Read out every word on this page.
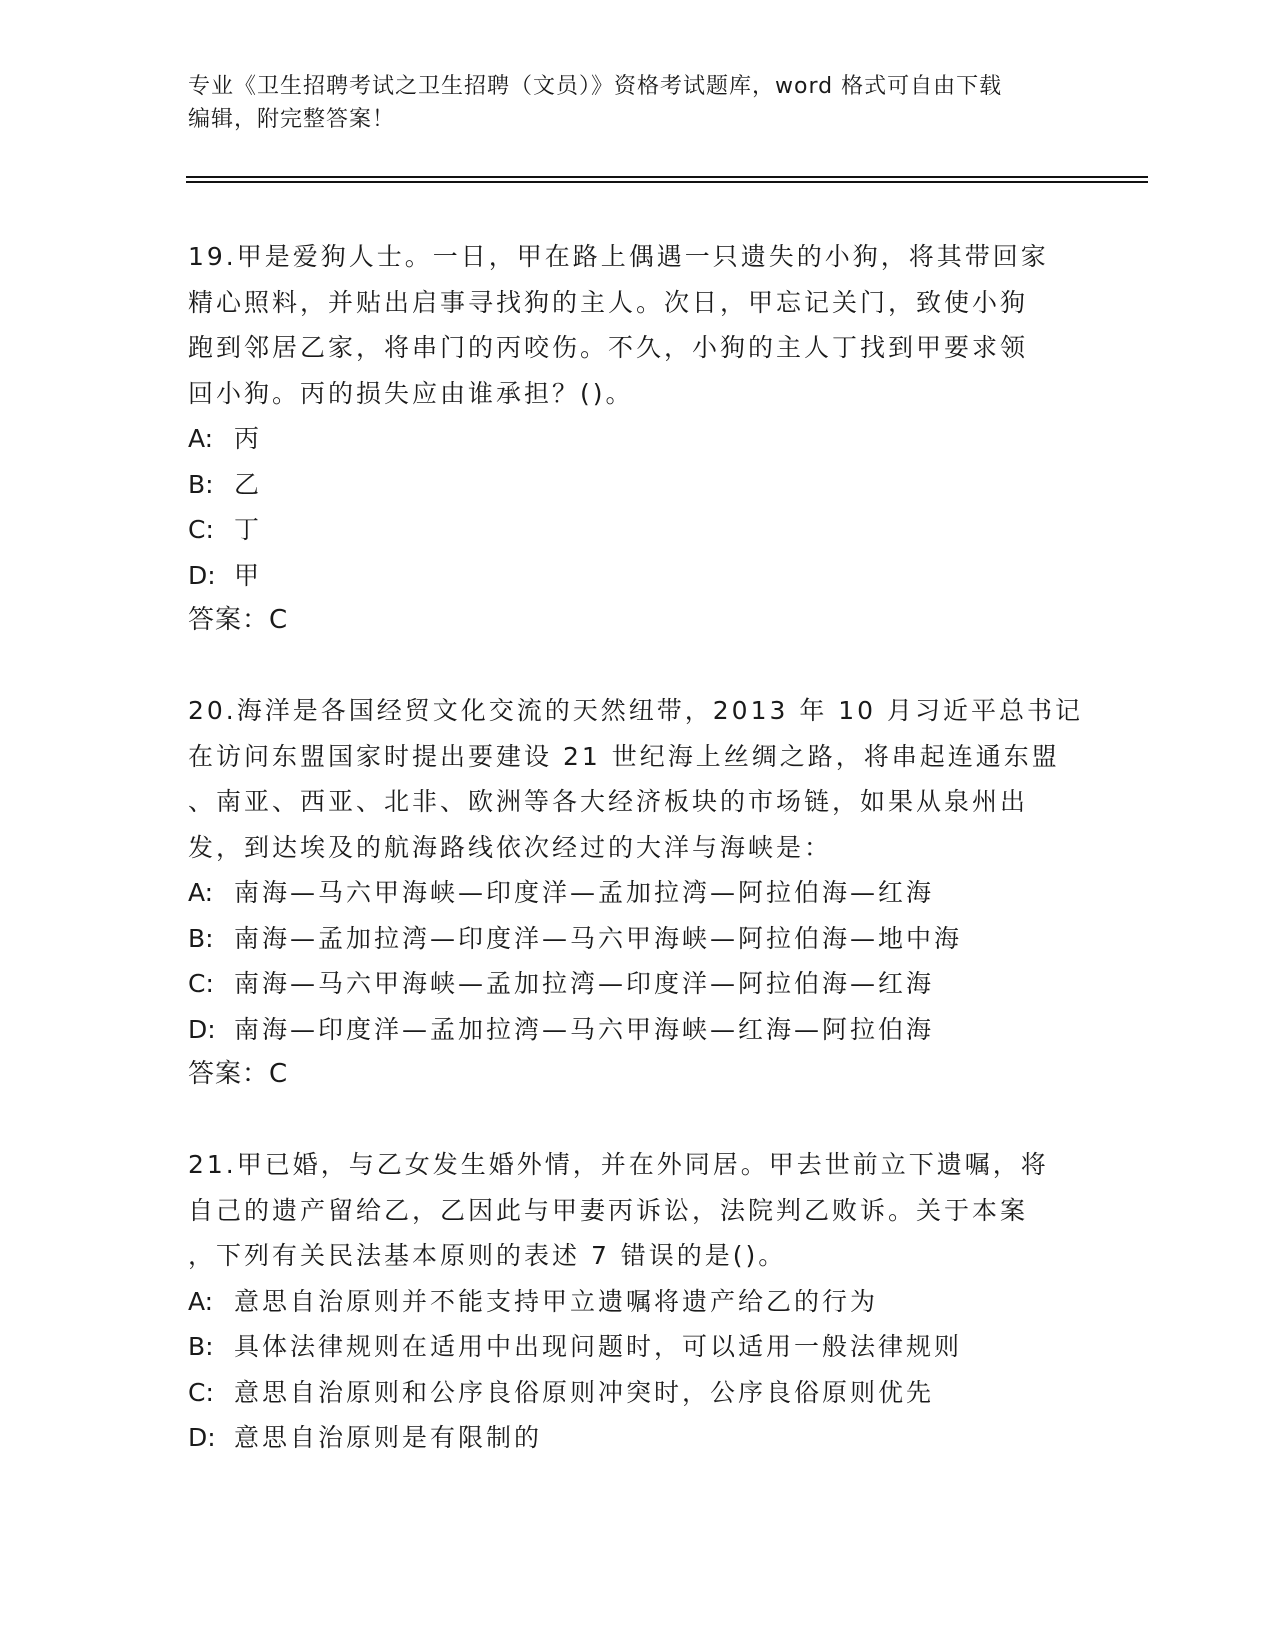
专业《卫生招聘考试之卫生招聘（文员）》资格考试题库，word 格式可自由下载
编辑，附完整答案！
19.甲是爱狗人士。一日，甲在路上偶遇一只遗失的小狗，将其带回家
精心照料，并贴出启事寻找狗的主人。次日，甲忘记关门，致使小狗
跑到邻居乙家，将串门的丙咬伤。不久，小狗的主人丁找到甲要求领
回小狗。丙的损失应由谁承担？()。
A: 丙
B: 乙
C: 丁
D: 甲
答案：C
20.海洋是各国经贸文化交流的天然纽带，2013 年 10 月习近平总书记
在访问东盟国家时提出要建设 21 世纪海上丝绸之路，将串起连通东盟
、南亚、西亚、北非、欧洲等各大经济板块的市场链，如果从泉州出
发，到达埃及的航海路线依次经过的大洋与海峡是：
A: 南海—马六甲海峡—印度洋—孟加拉湾—阿拉伯海—红海
B: 南海—孟加拉湾—印度洋—马六甲海峡—阿拉伯海—地中海
C: 南海—马六甲海峡—孟加拉湾—印度洋—阿拉伯海—红海
D: 南海—印度洋—孟加拉湾—马六甲海峡—红海—阿拉伯海
答案：C
21.甲已婚，与乙女发生婚外情，并在外同居。甲去世前立下遗嘱，将
自己的遗产留给乙，乙因此与甲妻丙诉讼，法院判乙败诉。关于本案
，下列有关民法基本原则的表述 7 错误的是()。
A: 意思自治原则并不能支持甲立遗嘱将遗产给乙的行为
B: 具体法律规则在适用中出现问题时，可以适用一般法律规则
C: 意思自治原则和公序良俗原则冲突时，公序良俗原则优先
D: 意思自治原则是有限制的
